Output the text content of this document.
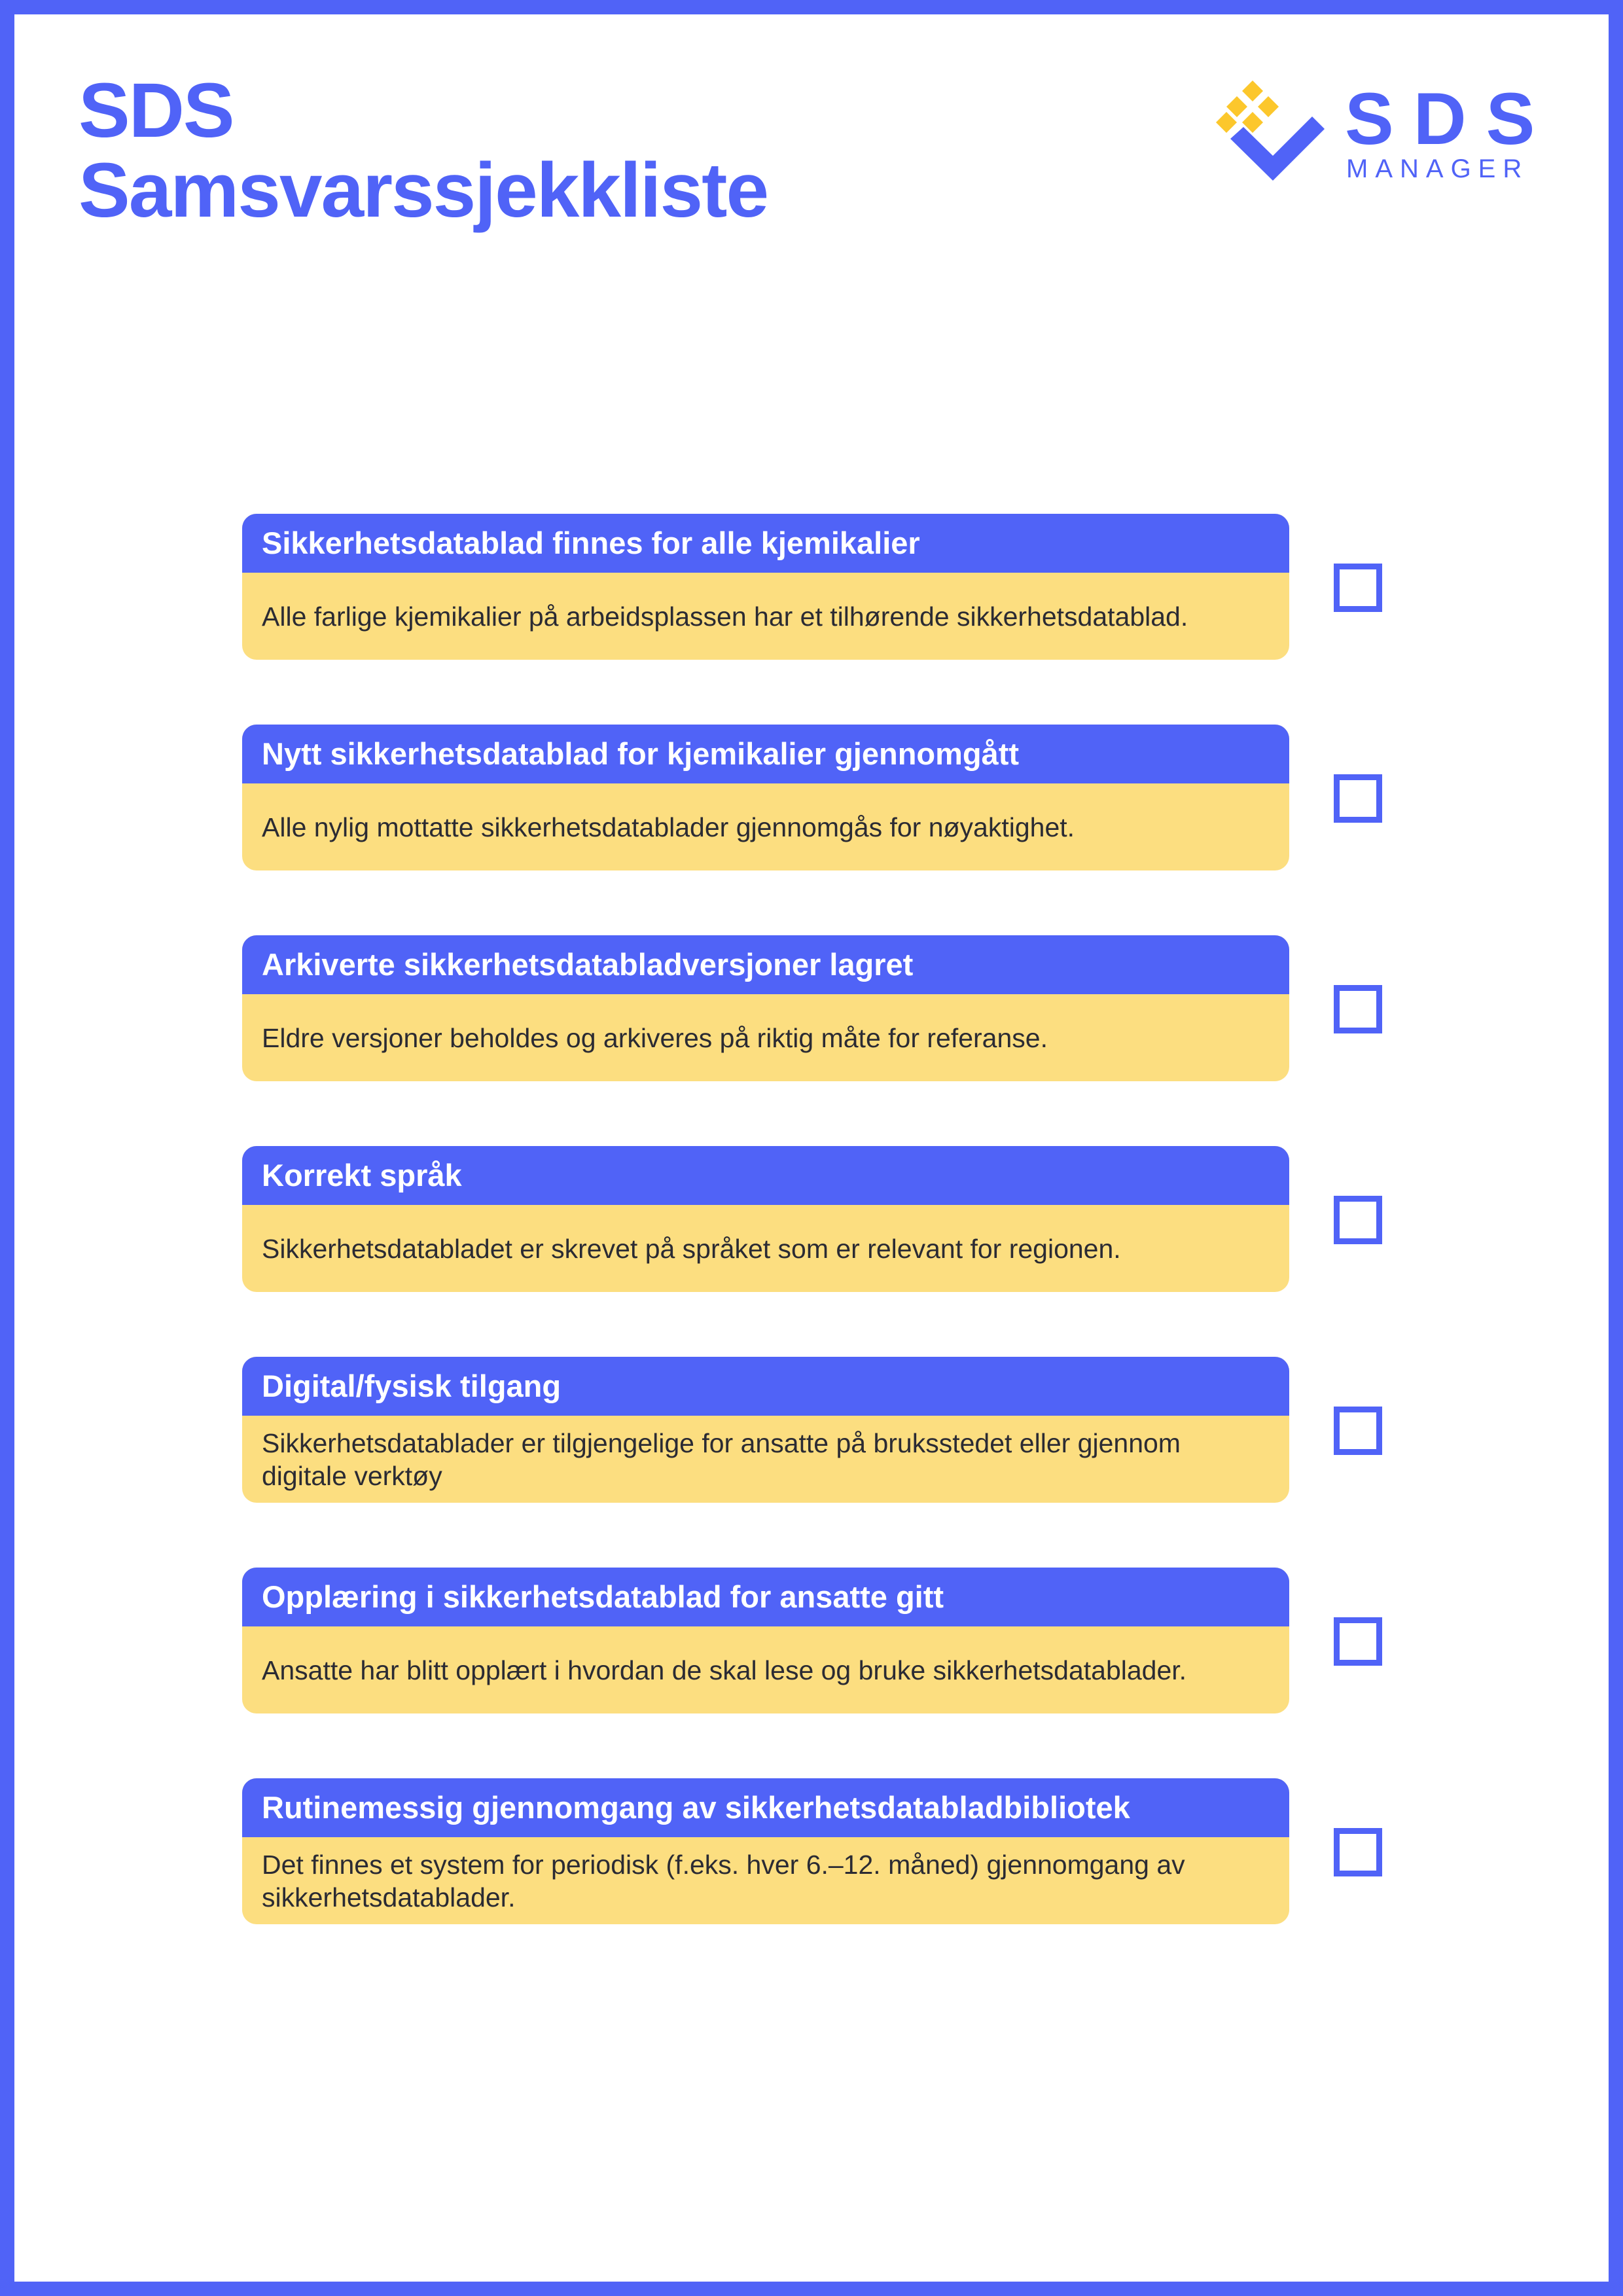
SDS
Samsvarssjekkliste
SDS
MANAGER
Sikkerhetsdatablad finnes for alle kjemikalier
Alle farlige kjemikalier på arbeidsplassen har et tilhørende sikkerhetsdatablad.
Nytt sikkerhetsdatablad for kjemikalier gjennomgått
Alle nylig mottatte sikkerhetsdatablader gjennomgås for nøyaktighet.
Arkiverte sikkerhetsdatabladversjoner lagret
Eldre versjoner beholdes og arkiveres på riktig måte for referanse.
Korrekt språk
Sikkerhetsdatabladet er skrevet på språket som er relevant for regionen.
Digital/fysisk tilgang
Sikkerhetsdatablader er tilgjengelige for ansatte på bruksstedet eller gjennom digitale verktøy
Opplæring i sikkerhetsdatablad for ansatte gitt
Ansatte har blitt opplært i hvordan de skal lese og bruke sikkerhetsdatablader.
Rutinemessig gjennomgang av sikkerhetsdatabladbibliotek
Det finnes et system for periodisk (f.eks. hver 6.–12. måned) gjennomgang av sikkerhetsdatablader.
